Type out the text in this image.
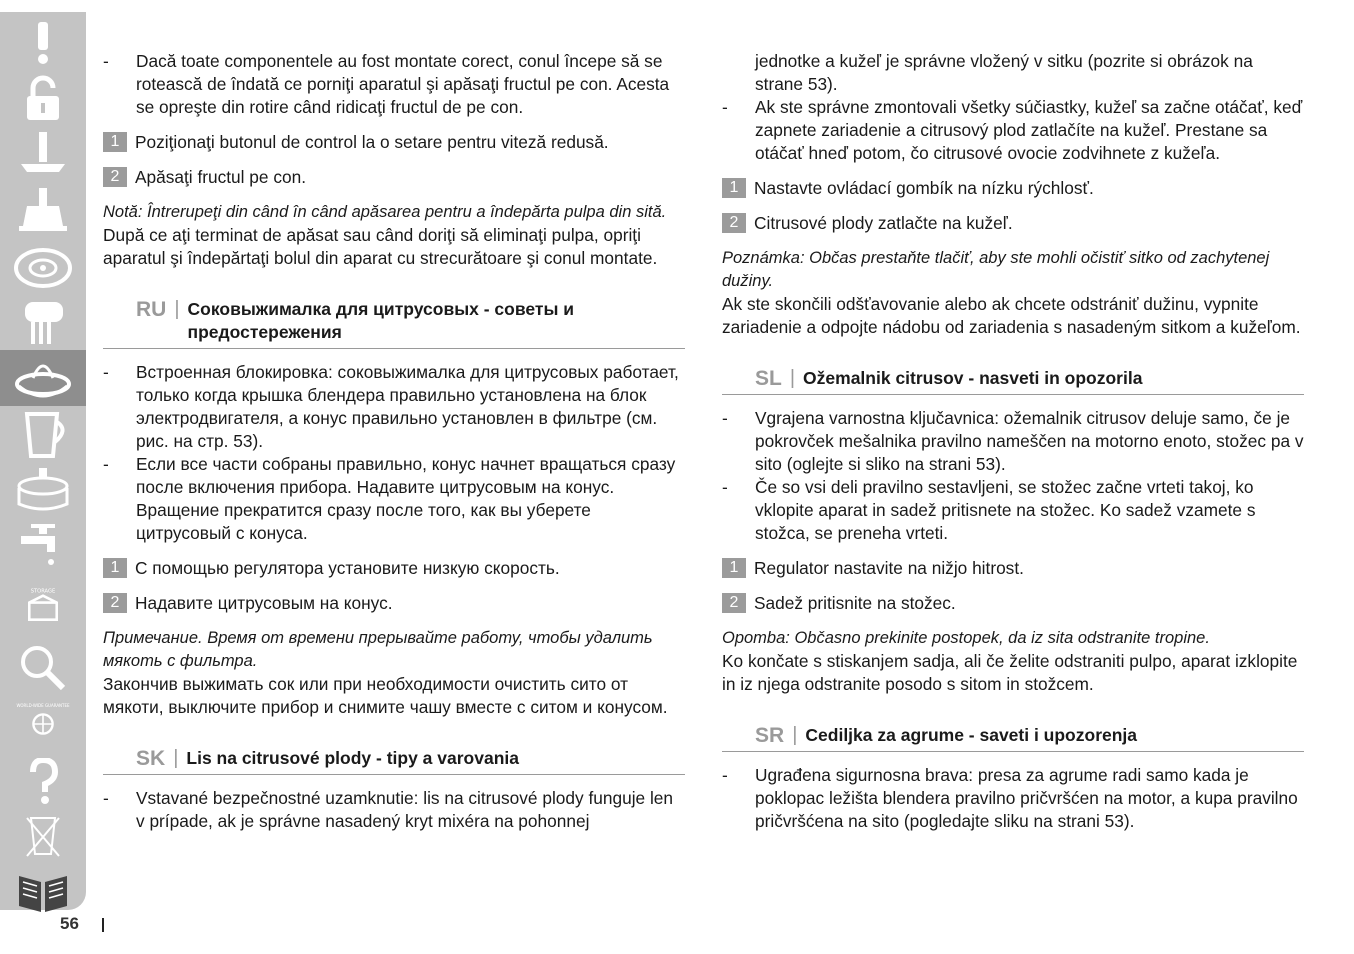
STORAGE
WORLD-WIDE GUARANTEE
56
-	Dacă toate componentele au fost montate corect, conul începe să se rotească de îndată ce porniţi aparatul şi apăsaţi fructul pe con. Acesta se opreşte din rotire când ridicaţi fructul de pe con.
1 Poziţionaţi butonul de control la o setare pentru viteză redusă.
2 Apăsaţi fructul pe con.
Notă: Întrerupeţi din când în când apăsarea pentru a îndepărta pulpa din sită.

După ce aţi terminat de apăsat sau când doriţi să eliminaţi pulpa, opriţi aparatul şi îndepărtaţi bolul din aparat cu strecurătoare şi conul montate.

RU | Соковыжималка для цитрусовых - советы и предостережения
-	Встроенная блокировка: соковыжималка для цитрусовых работает, только когда крышка блендера правильно установлена на блок электродвигателя, а конус правильно установлен в фильтре (см. рис. на стр. 53).
-	Если все части собраны правильно, конус начнет вращаться сразу после включения прибора. Надавите цитрусовым на конус. Вращение прекратится сразу после того, как вы уберете цитрусовый с конуса.
1 С помощью регулятора установите низкую скорость.
2 Надавите цитрусовым на конус.
Примечание. Время от времени прерывайте работу, чтобы удалить мякоть с фильтра.

Закончив выжимать сок или при необходимости очистить сито от мякоти, выключите прибор и снимите чашу вместе с ситом и конусом.

SK | Lis na citrusové plody - tipy a varovania
-	Vstavané bezpečnostné uzamknutie: lis na citrusové plody funguje len v prípade, ak je správne nasadený kryt mixéra na pohonnej
jednotke a kužeľ je správne vložený v sitku (pozrite si obrázok na strane 53).
-	Ak ste správne zmontovali všetky súčiastky, kužeľ sa začne otáčať, keď zapnete zariadenie a citrusový plod zatlačíte na kužeľ. Prestane sa otáčať hneď potom, čo citrusové ovocie zodvihnete z kužeľa.
1 Nastavte ovládací gombík na nízku rýchlosť.
2 Citrusové plody zatlačte na kužeľ.
Poznámka: Občas prestaňte tlačiť, aby ste mohli očistiť sitko od zachytenej dužiny.

Ak ste skončili odšťavovanie alebo ak chcete odstrániť dužinu, vypnite zariadenie a odpojte nádobu od zariadenia s nasadeným sitkom a kužeľom.

SL | Ožemalnik citrusov - nasveti in opozorila
-	Vgrajena varnostna ključavnica: ožemalnik citrusov deluje samo, če je pokrovček mešalnika pravilno nameščen na motorno enoto, stožec pa v sito (oglejte si sliko na strani 53).
-	Če so vsi deli pravilno sestavljeni, se stožec začne vrteti takoj, ko vklopite aparat in sadež pritisnete na stožec. Ko sadež vzamete s stožca, se preneha vrteti.
1 Regulator nastavite na nižjo hitrost.
2 Sadež pritisnite na stožec.
Opomba: Občasno prekinite postopek, da iz sita odstranite tropine.

Ko končate s stiskanjem sadja, ali če želite odstraniti pulpo, aparat izklopite in iz njega odstranite posodo s sitom in stožcem.

SR | Cediljka za agrume - saveti i upozorenja
-	Ugrađena sigurnosna brava: presa za agrume radi samo kada je poklopac ležišta blendera pravilno pričvršćen na motor, a kupa pravilno pričvršćena na sito (pogledajte sliku na strani 53).
